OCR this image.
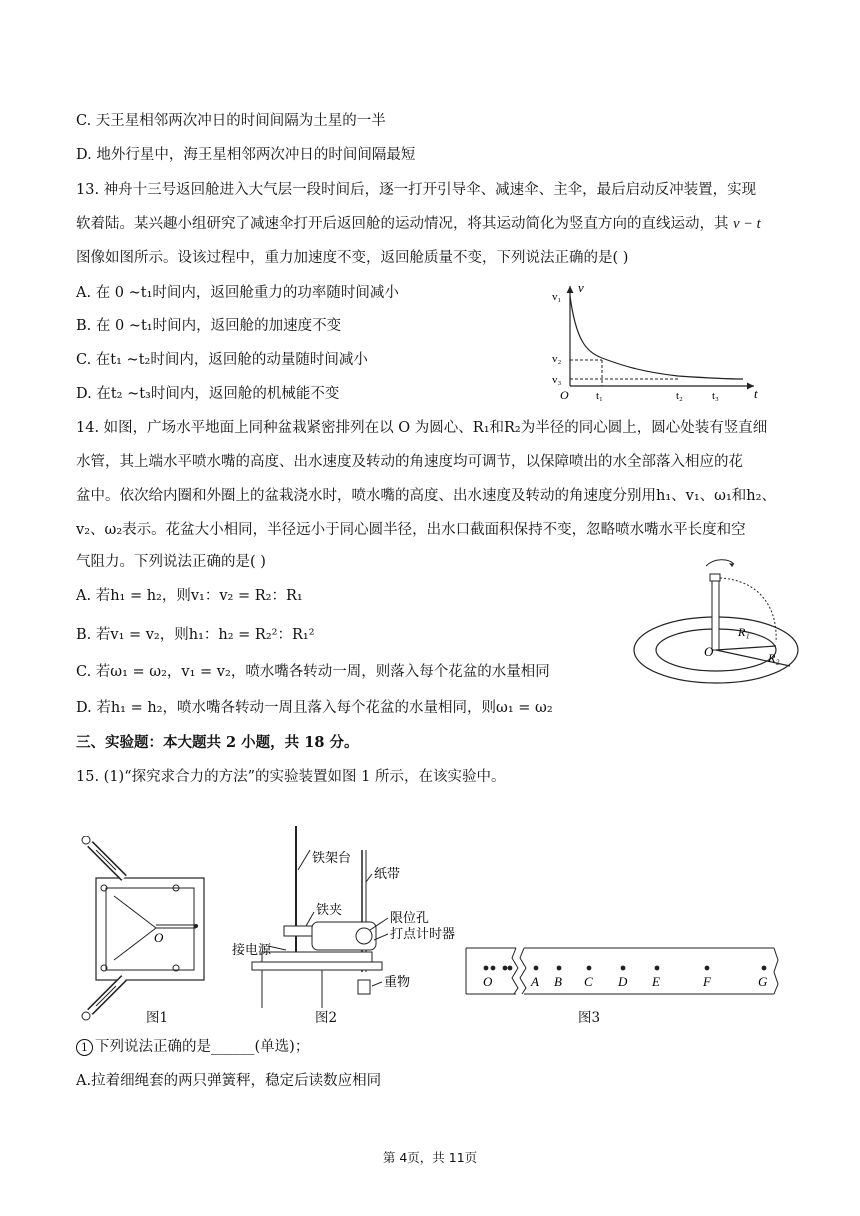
C. 天王星相邻两次冲日的时间间隔为土星的一半
D. 地外行星中，海王星相邻两次冲日的时间间隔最短
13. 神舟十三号返回舱进入大气层一段时间后，逐一打开引导伞、减速伞、主伞，最后启动反冲装置，实现
软着陆。某兴趣小组研究了减速伞打开后返回舱的运动情况，将其运动简化为竖直方向的直线运动，其 v − t
图像如图所示。设该过程中，重力加速度不变，返回舱质量不变，下列说法正确的是( )
A. 在 0 ~t₁时间内，返回舱重力的功率随时间减小
B. 在 0 ~t₁时间内，返回舱的加速度不变
C. 在t₁ ~t₂时间内，返回舱的动量随时间减小
D. 在t₂ ~t₃时间内，返回舱的机械能不变
14. 如图，广场水平地面上同种盆栽紧密排列在以 O 为圆心、R₁和R₂为半径的同心圆上，圆心处装有竖直细
水管，其上端水平喷水嘴的高度、出水速度及转动的角速度均可调节，以保障喷出的水全部落入相应的花
盆中。依次给内圈和外圈上的盆栽浇水时，喷水嘴的高度、出水速度及转动的角速度分别用h₁、v₁、ω₁和h₂、
v₂、ω₂表示。花盆大小相同，半径远小于同心圆半径，出水口截面积保持不变，忽略喷水嘴水平长度和空
气阻力。下列说法正确的是( )
A. 若h₁ = h₂，则v₁：v₂ = R₂：R₁
B. 若v₁ = v₂，则h₁：h₂ = R₂²：R₁²
C. 若ω₁ = ω₂，v₁ = v₂，喷水嘴各转动一周，则落入每个花盆的水量相同
D. 若h₁ = h₂，喷水嘴各转动一周且落入每个花盆的水量相同，则ω₁ = ω₂
三、实验题：本大题共 2 小题，共 18 分。
15. (1)“探究求合力的方法”的实验装置如图 1 所示，在该实验中。
1 下列说法正确的是______(单选)；
A.拉着细绳套的两只弹簧秤，稳定后读数应相同
v
t
v₁
v₂
v₃
O t₁	t₂	t₃
O
R₁
R₂
O
图1
铁架台
纸带
铁夹
限位孔
打点计时器
接电源
重物
图2
O	A B C D E	F	G
图3
第 4页，共 11页
